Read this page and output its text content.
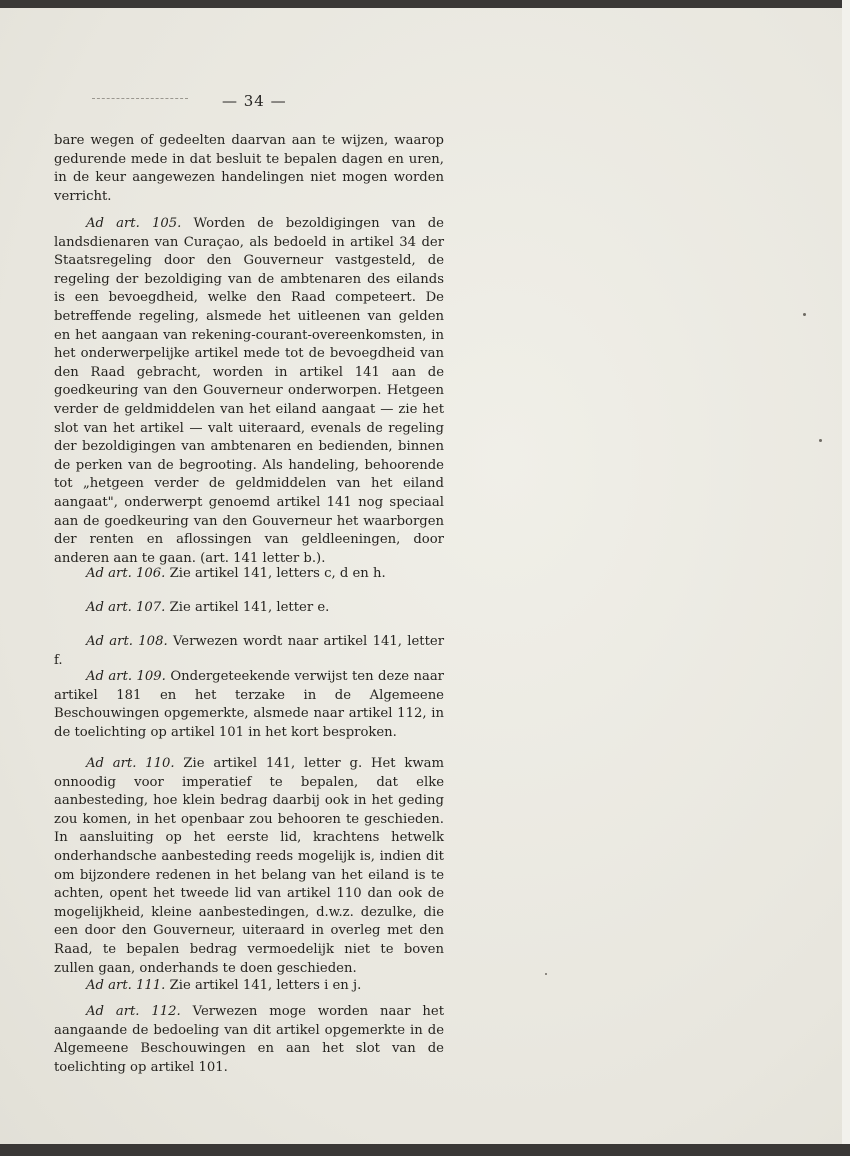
— 34 —

bare wegen of gedeelten daarvan aan te wijzen, waarop gedurende mede in dat besluit te bepalen dagen en uren, in de keur aangewezen handelingen niet mogen worden verricht.

Ad art. 105. Worden de bezoldigingen van de landsdienaren van Curaçao, als bedoeld in artikel 34 der Staatsregeling door den Gouverneur vastgesteld, de regeling der bezoldiging van de ambtenaren des eilands is een bevoegdheid, welke den Raad competeert. De betreffende regeling, alsmede het uitleenen van gelden en het aangaan van rekening-courant-overeenkomsten, in het onderwerpelijke artikel mede tot de bevoegdheid van den Raad gebracht, worden in artikel 141 aan de goedkeuring van den Gouverneur onderworpen. Hetgeen verder de geldmiddelen van het eiland aangaat — zie het slot van het artikel — valt uiteraard, evenals de regeling der bezoldigingen van ambtenaren en bedienden, binnen de perken van de begrooting. Als handeling, behoorende tot „hetgeen verder de geldmiddelen van het eiland aangaat", onderwerpt genoemd artikel 141 nog speciaal aan de goedkeuring van den Gouverneur het waarborgen der renten en aflossingen van geldleeningen, door anderen aan te gaan. (art. 141 letter b.).

Ad art. 106. Zie artikel 141, letters c, d en h.

Ad art. 107. Zie artikel 141, letter e.

Ad art. 108. Verwezen wordt naar artikel 141, letter f.

Ad art. 109. Ondergeteekende verwijst ten deze naar artikel 181 en het terzake in de Algemeene Beschouwingen opgemerkte, alsmede naar artikel 112, in de toelichting op artikel 101 in het kort besproken.

Ad art. 110. Zie artikel 141, letter g. Het kwam onnoodig voor imperatief te bepalen, dat elke aanbesteding, hoe klein bedrag daarbij ook in het geding zou komen, in het openbaar zou behooren te geschieden. In aansluiting op het eerste lid, krachtens hetwelk onderhandsche aanbesteding reeds mogelijk is, indien dit om bijzondere redenen in het belang van het eiland is te achten, opent het tweede lid van artikel 110 dan ook de mogelijkheid, kleine aanbestedingen, d.w.z. dezulke, die een door den Gouverneur, uiteraard in overleg met den Raad, te bepalen bedrag vermoedelijk niet te boven zullen gaan, onderhands te doen geschieden.

Ad art. 111. Zie artikel 141, letters i en j.

Ad art. 112. Verwezen moge worden naar het aangaande de bedoeling van dit artikel opgemerkte in de Algemeene Beschouwingen en aan het slot van de toelichting op artikel 101.
